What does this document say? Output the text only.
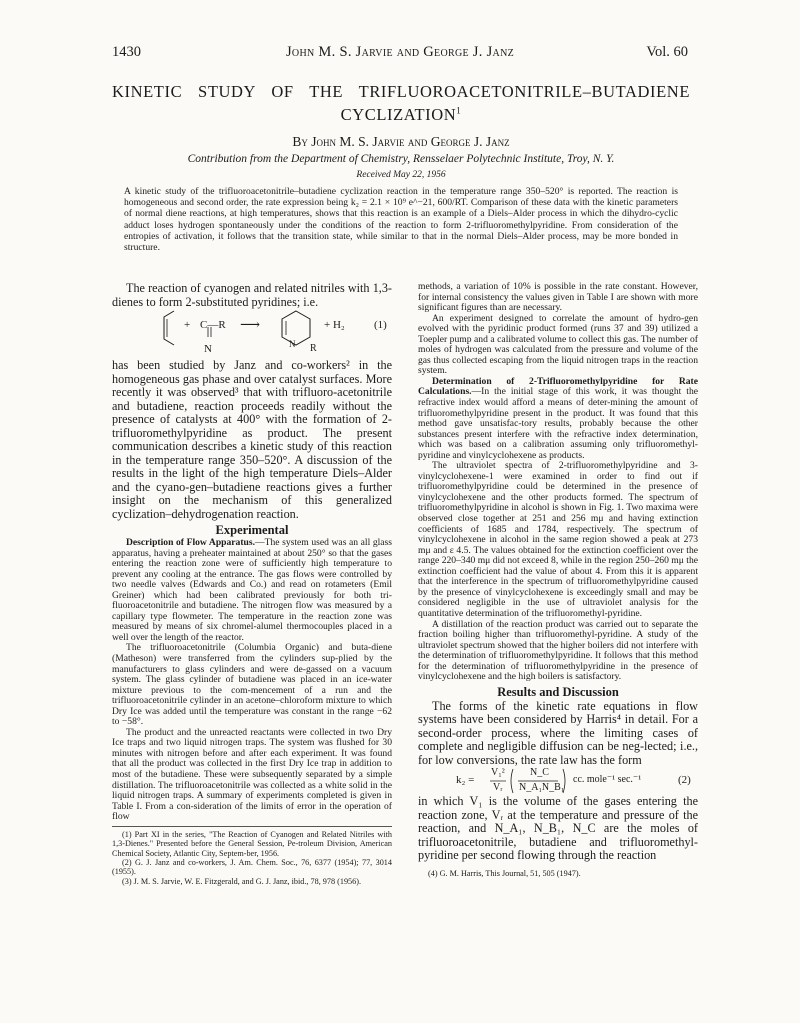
1430	John M. S. Jarvie and George J. Janz	Vol. 60
KINETIC STUDY OF THE TRIFLUOROACETONITRILE–BUTADIENE
CYCLIZATION$^1$
By John M. S. Jarvie and George J. Janz
Contribution from the Department of Chemistry, Rensselaer Polytechnic Institute, Troy, N. Y.
Received May 22, 1956
A kinetic study of the trifluoroacetonitrile–butadiene cyclization reaction in the temperature range 350–520° is reported. The reaction is homogeneous and second order, the rate expression being k₂ = 2.1 × 10⁹ e^−21, 600/RT. Comparison of these data with the kinetic parameters of normal diene reactions, at high temperatures, shows that this reaction is an example of a Diels–Alder process in which the dihydro-cyclic adduct loses hydrogen spontaneously under the conditions of the reaction to form 2-trifluoromethylpyridine. From consideration of the entropies of activation, it follows that the transition state, while similar to that in the normal Diels–Alder process, may be more bonded in structure.

The reaction of cyanogen and related nitriles with 1,3-dienes to form 2-substituted pyridines; i.e.

+ C—R
N
⟶
N R
+ H₂	(1)

has been studied by Janz and co-workers² in the homogeneous gas phase and over catalyst surfaces. More recently it was observed³ that with trifluoro-acetonitrile and butadiene, reaction proceeds readily without the presence of catalysts at 400° with the formation of 2-trifluoromethylpyridine as product. The present communication describes a kinetic study of this reaction in the temperature range 350–520°. A discussion of the results in the light of the high temperature Diels–Alder and the cyano-gen–butadiene reactions gives a further insight on the mechanism of this generalized cyclization–dehydrogenation reaction.

Experimental

Description of Flow Apparatus.—The system used was an all glass apparatus, having a preheater maintained at about 250° so that the gases entering the reaction zone were of sufficiently high temperature to prevent any cooling at the entrance. The gas flows were controlled by two needle valves (Edwards and Co.) and read on rotameters (Emil Greiner) which had been calibrated previously for both tri-fluoroacetonitrile and butadiene. The nitrogen flow was measured by a capillary type flowmeter. The temperature in the reaction zone was measured by means of six chromel-alumel thermocouples placed in a well over the length of the reactor.

The trifluoroacetonitrile (Columbia Organic) and buta-diene (Matheson) were transferred from the cylinders sup-plied by the manufacturers to glass cylinders and were de-gassed on a vacuum system. The glass cylinder of butadiene was placed in an ice-water mixture previous to the com-mencement of a run and the trifluoroacetonitrile cylinder in an acetone–chloroform mixture to which Dry Ice was added until the temperature was constant in the range −62 to −58°.

The product and the unreacted reactants were collected in two Dry Ice traps and two liquid nitrogen traps. The system was flushed for 30 minutes with nitrogen before and after each experiment. It was found that all the product was collected in the first Dry Ice trap in addition to most of the butadiene. These were subsequently separated by a simple distillation. The trifluoroacetonitrile was collected as a white solid in the liquid nitrogen traps. A summary of experiments completed is given in Table I. From a con-sideration of the limits of error in the operation of flow

(1) Part XI in the series, "The Reaction of Cyanogen and Related Nitriles with 1,3-Dienes." Presented before the General Session, Pe-troleum Division, American Chemical Society, Atlantic City, Septem-ber, 1956.

(2) G. J. Janz and co-workers, J. Am. Chem. Soc., 76, 6377 (1954); 77, 3014 (1955).

(3) J. M. S. Jarvie, W. E. Fitzgerald, and G. J. Janz, ibid., 78, 978 (1956).

methods, a variation of 10% is possible in the rate constant. However, for internal consistency the values given in Table I are shown with more significant figures than are necessary.

An experiment designed to correlate the amount of hydro-gen evolved with the pyridinic product formed (runs 37 and 39) utilized a Toepler pump and a calibrated volume to collect this gas. The number of moles of hydrogen was calculated from the pressure and volume of the gas thus collected escaping from the liquid nitrogen traps in the reaction system.

Determination of 2-Trifluoromethylpyridine for Rate Calculations.—In the initial stage of this work, it was thought the refractive index would afford a means of deter-mining the amount of trifluoromethylpyridine present in the product. It was found that this method gave unsatisfac-tory results, probably because the other substances present interfere with the refractive index determination, which was based on a calibration assuming only trifluoromethyl-pyridine and vinylcyclohexene as products.

The ultraviolet spectra of 2-trifluoromethylpyridine and 3-vinylcyclohexene-1 were examined in order to find out if trifluoromethylpyridine could be determined in the presence of vinylcyclohexene and the other products formed. The spectrum of trifluoromethylpyridine in alcohol is shown in Fig. 1. Two maxima were observed close together at 251 and 256 mμ and having extinction coefficients of 1685 and 1784, respectively. The spectrum of vinylcyclohexene in alcohol in the same region showed a peak at 273 mμ and ε 4.5. The values obtained for the extinction coefficient over the range 220–340 mμ did not exceed 8, while in the region 250–260 mμ the extinction coefficient had the value of about 4. From this it is apparent that the interference in the spectrum of trifluoromethylpyridine caused by the presence of vinylcyclohexene is exceedingly small and may be considered negligible in the use of ultraviolet analysis for the quantitative determination of the trifluoromethyl-pyridine.

A distillation of the reaction product was carried out to separate the fraction boiling higher than trifluoromethyl-pyridine. A study of the ultraviolet spectrum showed that the higher boilers did not interfere with the determination of trifluoromethylpyridine. It follows that this method for the determination of trifluoromethylpyridine in the presence of vinylcyclohexene and the high boilers is satisfactory.

Results and Discussion

The forms of the kinetic rate equations in flow systems have been considered by Harris⁴ in detail. For a second-order process, where the limiting cases of complete and negligible diffusion can be neg-lected; i.e., for low conversions, the rate law has the form

k₂ =
V₁²
Vᵣ
N_C
N_A₁N_B₁
cc. mole⁻¹ sec.⁻¹	(2)

in which V₁ is the volume of the gases entering the reaction zone, Vᵣ at the temperature and pressure of the reaction, and N_A₁, N_B₁, N_C are the moles of trifluoroacetonitrile, butadiene and trifluoromethyl-pyridine per second flowing through the reaction

(4) G. M. Harris, This Journal, 51, 505 (1947).
